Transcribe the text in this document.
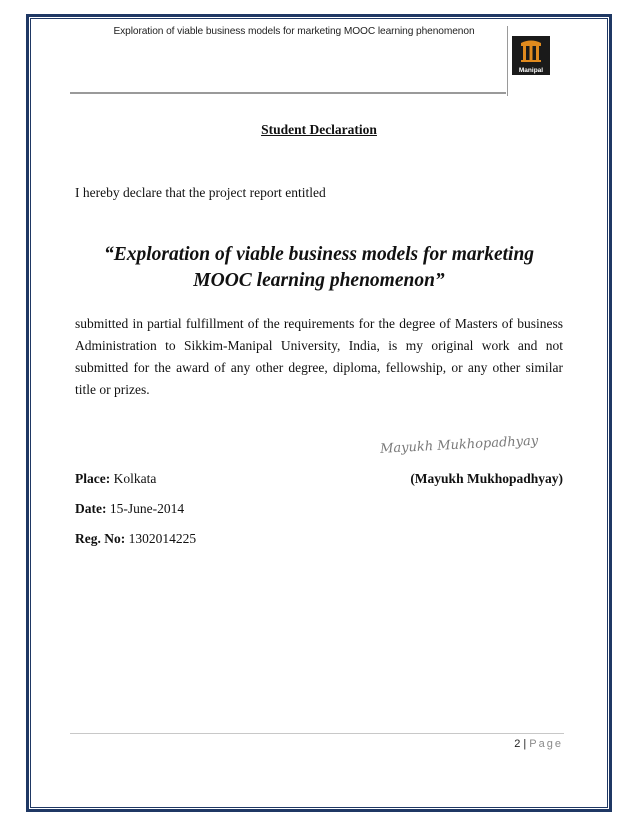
Exploration of viable business models for marketing MOOC learning phenomenon
Manipal
Student Declaration
I hereby declare that the project report entitled
“Exploration of viable business models for marketing
MOOC learning phenomenon”
submitted in partial fulfillment of the requirements for the degree of Masters of business Administration to Sikkim-Manipal University, India, is my original work and not submitted for the award of any other degree, diploma, fellowship, or any other similar title or prizes.
Mayukh Mukhopadhyay
Place: Kolkata	(Mayukh Mukhopadhyay)
Date: 15-June-2014
Reg. No: 1302014225
2 | Page
